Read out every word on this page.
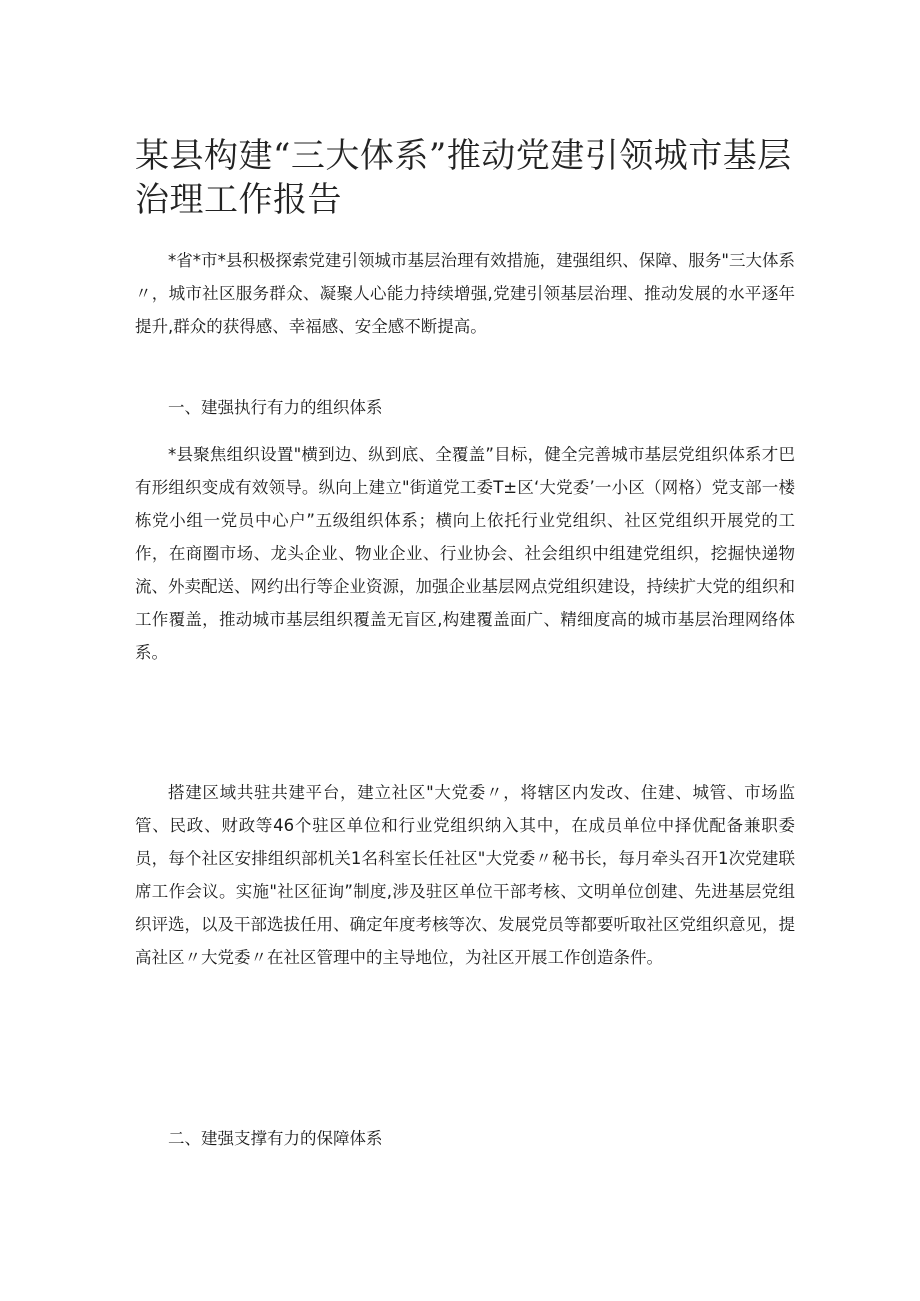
某县构建“三大体系”推动党建引领城市基层治理工作报告

*省*市*县积极探索党建引领城市基层治理有效措施，建强组织、保障、服务"三大体系〃，城市社区服务群众、凝聚人心能力持续增强,党建引领基层治理、推动发展的水平逐年提升,群众的获得感、幸福感、安全感不断提高。

一、建强执行有力的组织体系

*县聚焦组织设置"横到边、纵到底、全覆盖”目标，健全完善城市基层党组织体系才巴有形组织变成有效领导。纵向上建立"街道党工委T±区‘大党委’一小区（网格）党支部一楼栋党小组一党员中心户”五级组织体系；横向上依托行业党组织、社区党组织开展党的工作，在商圈市场、龙头企业、物业企业、行业协会、社会组织中组建党组织，挖掘快递物流、外卖配送、网约出行等企业资源，加强企业基层网点党组织建设，持续扩大党的组织和工作覆盖，推动城市基层组织覆盖无盲区,构建覆盖面广、精细度高的城市基层治理网络体系。

搭建区域共驻共建平台，建立社区"大党委〃，将辖区内发改、住建、城管、市场监管、民政、财政等46个驻区单位和行业党组织纳入其中，在成员单位中择优配备兼职委员，每个社区安排组织部机关1名科室长任社区"大党委〃秘书长，每月牵头召开1次党建联席工作会议。实施"社区征询”制度,涉及驻区单位干部考核、文明单位创建、先进基层党组织评选，以及干部选拔任用、确定年度考核等次、发展党员等都要听取社区党组织意见，提高社区〃大党委〃在社区管理中的主导地位，为社区开展工作创造条件。

二、建强支撑有力的保障体系
